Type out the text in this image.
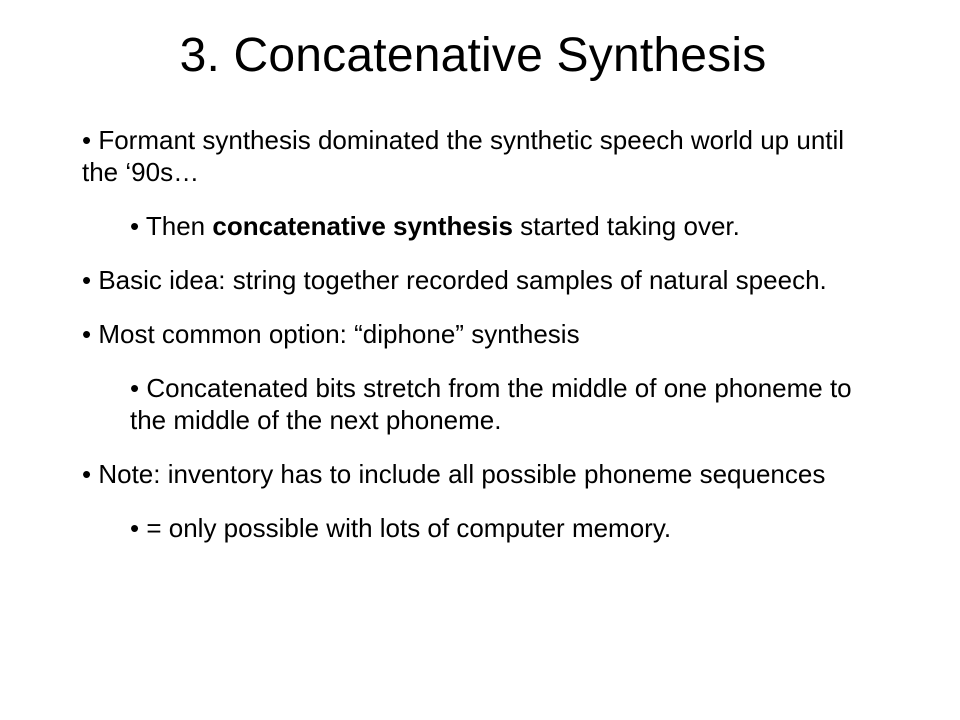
3. Concatenative Synthesis
• Formant synthesis dominated the synthetic speech world up until the ‘90s…
• Then concatenative synthesis started taking over.
• Basic idea: string together recorded samples of natural speech.
• Most common option: “diphone” synthesis
• Concatenated bits stretch from the middle of one phoneme to the middle of the next phoneme.
• Note: inventory has to include all possible phoneme sequences
• = only possible with lots of computer memory.
